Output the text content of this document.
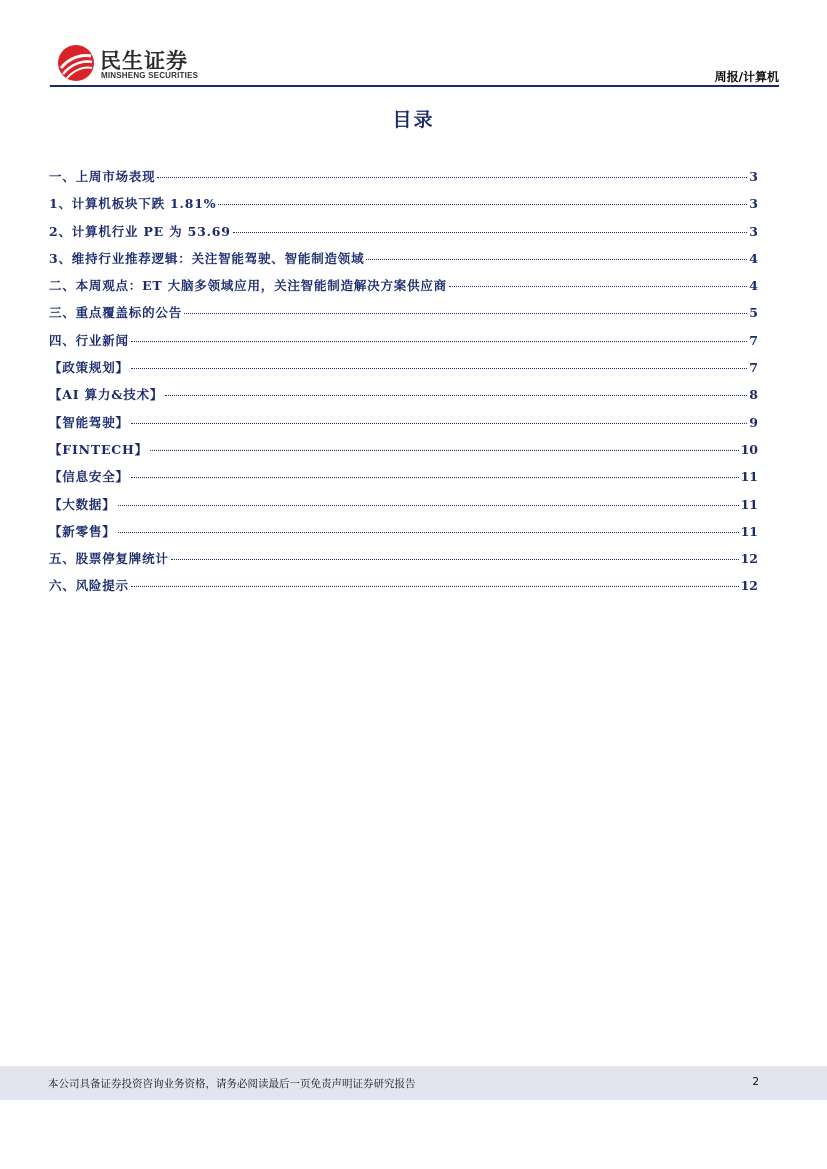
民生证券
MINSHENG SECURITIES	周报/计算机
目录
一、上周市场表现	3
1、计算机板块下跌 1.81%	3
2、计算机行业 PE 为 53.69	3
3、维持行业推荐逻辑：关注智能驾驶、智能制造领域	4
二、本周观点：ET 大脑多领域应用，关注智能制造解决方案供应商	4
三、重点覆盖标的公告	5
四、行业新闻	7
【政策规划】	7
【AI 算力&技术】	8
【智能驾驶】	9
【FINTECH】	10
【信息安全】	11
【大数据】	11
【新零售】	11
五、股票停复牌统计	12
六、风险提示	12
本公司具备证券投资咨询业务资格，请务必阅读最后一页免责声明证券研究报告	2
